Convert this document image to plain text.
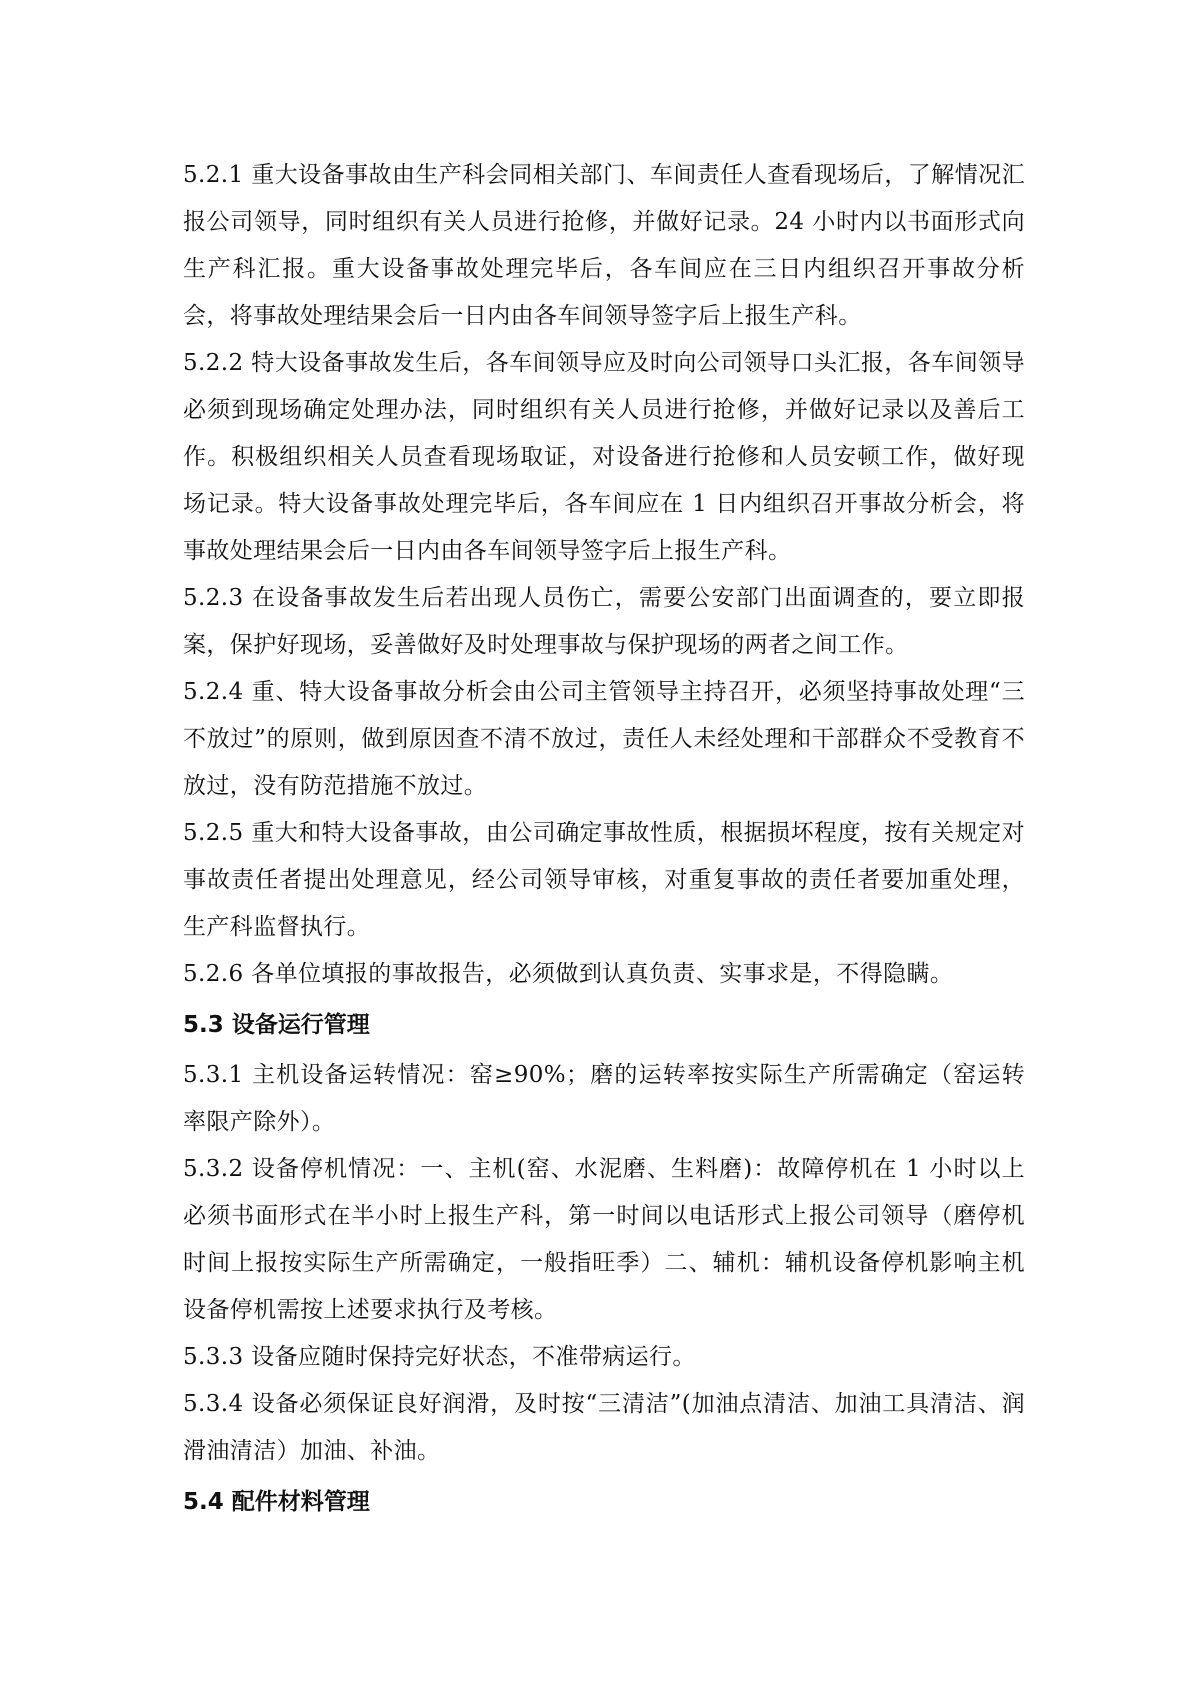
5.2.1 重大设备事故由生产科会同相关部门、车间责任人查看现场后，了解情况汇报公司领导，同时组织有关人员进行抢修，并做好记录。24 小时内以书面形式向生产科汇报。重大设备事故处理完毕后，各车间应在三日内组织召开事故分析会，将事故处理结果会后一日内由各车间领导签字后上报生产科。

5.2.2 特大设备事故发生后，各车间领导应及时向公司领导口头汇报，各车间领导必须到现场确定处理办法，同时组织有关人员进行抢修，并做好记录以及善后工作。积极组织相关人员查看现场取证，对设备进行抢修和人员安顿工作，做好现场记录。特大设备事故处理完毕后，各车间应在 1 日内组织召开事故分析会，将事故处理结果会后一日内由各车间领导签字后上报生产科。

5.2.3 在设备事故发生后若出现人员伤亡，需要公安部门出面调查的，要立即报案，保护好现场，妥善做好及时处理事故与保护现场的两者之间工作。

5.2.4 重、特大设备事故分析会由公司主管领导主持召开，必须坚持事故处理“三不放过”的原则，做到原因查不清不放过，责任人未经处理和干部群众不受教育不放过，没有防范措施不放过。

5.2.5 重大和特大设备事故，由公司确定事故性质，根据损坏程度，按有关规定对事故责任者提出处理意见，经公司领导审核，对重复事故的责任者要加重处理，生产科监督执行。

5.2.6 各单位填报的事故报告，必须做到认真负责、实事求是，不得隐瞒。

5.3 设备运行管理

5.3.1 主机设备运转情况：窑≥90%；磨的运转率按实际生产所需确定（窑运转率限产除外）。

5.3.2 设备停机情况：一、主机(窑、水泥磨、生料磨)：故障停机在 1 小时以上必须书面形式在半小时上报生产科，第一时间以电话形式上报公司领导（磨停机时间上报按实际生产所需确定，一般指旺季）二、辅机：辅机设备停机影响主机设备停机需按上述要求执行及考核。

5.3.3 设备应随时保持完好状态，不准带病运行。

5.3.4 设备必须保证良好润滑，及时按“三清洁”(加油点清洁、加油工具清洁、润滑油清洁）加油、补油。

5.4 配件材料管理
